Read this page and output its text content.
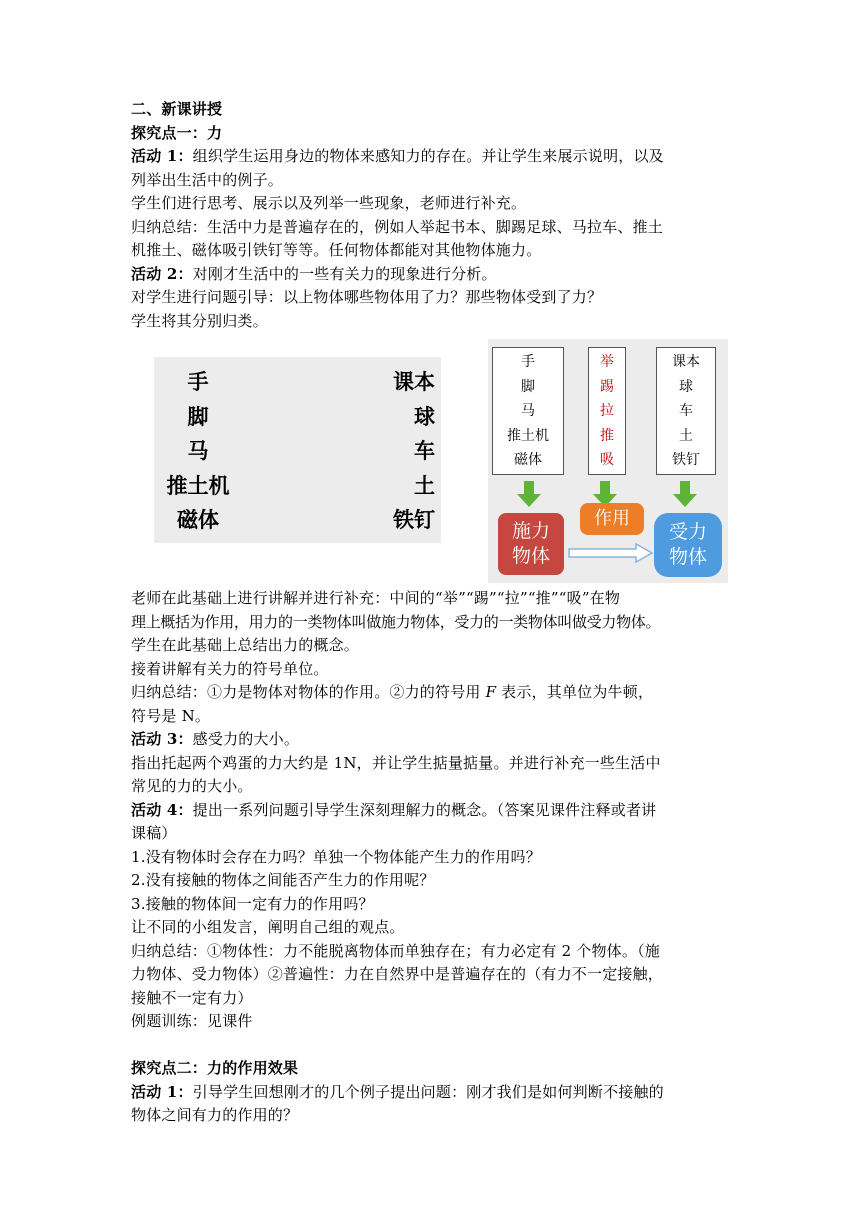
二、新课讲授
探究点一：力
活动 1：组织学生运用身边的物体来感知力的存在。并让学生来展示说明，以及
列举出生活中的例子。
学生们进行思考、展示以及列举一些现象，老师进行补充。
归纳总结：生活中力是普遍存在的，例如人举起书本、脚踢足球、马拉车、推土
机推土、磁体吸引铁钉等等。任何物体都能对其他物体施力。
活动 2：对刚才生活中的一些有关力的现象进行分析。
对学生进行问题引导：以上物体哪些物体用了力？那些物体受到了力？
学生将其分别归类。
手
脚
马
推土机
磁体
课本
球
车
土
铁钉
手
脚
马
推土机
磁体
举
踢
拉
推
吸
课本
球
车
土
铁钉
施力
物体
作用
受力
物体
老师在此基础上进行讲解并进行补充：中间的“举”“踢”“拉”“推”“吸”在物
理上概括为作用，用力的一类物体叫做施力物体，受力的一类物体叫做受力物体。
学生在此基础上总结出力的概念。
接着讲解有关力的符号单位。
归纳总结：①力是物体对物体的作用。②力的符号用 F 表示，其单位为牛顿，
符号是 N。
活动 3：感受力的大小。
指出托起两个鸡蛋的力大约是 1N，并让学生掂量掂量。并进行补充一些生活中
常见的力的大小。
活动 4：提出一系列问题引导学生深刻理解力的概念。（答案见课件注释或者讲
课稿）
1.没有物体时会存在力吗？单独一个物体能产生力的作用吗？
2.没有接触的物体之间能否产生力的作用呢？
3.接触的物体间一定有力的作用吗？
让不同的小组发言，阐明自己组的观点。
归纳总结：①物体性：力不能脱离物体而单独存在；有力必定有 2 个物体。（施
力物体、受力物体）②普遍性：力在自然界中是普遍存在的（有力不一定接触，
接触不一定有力）
例题训练：见课件
探究点二：力的作用效果
活动 1：引导学生回想刚才的几个例子提出问题：刚才我们是如何判断不接触的
物体之间有力的作用的？
